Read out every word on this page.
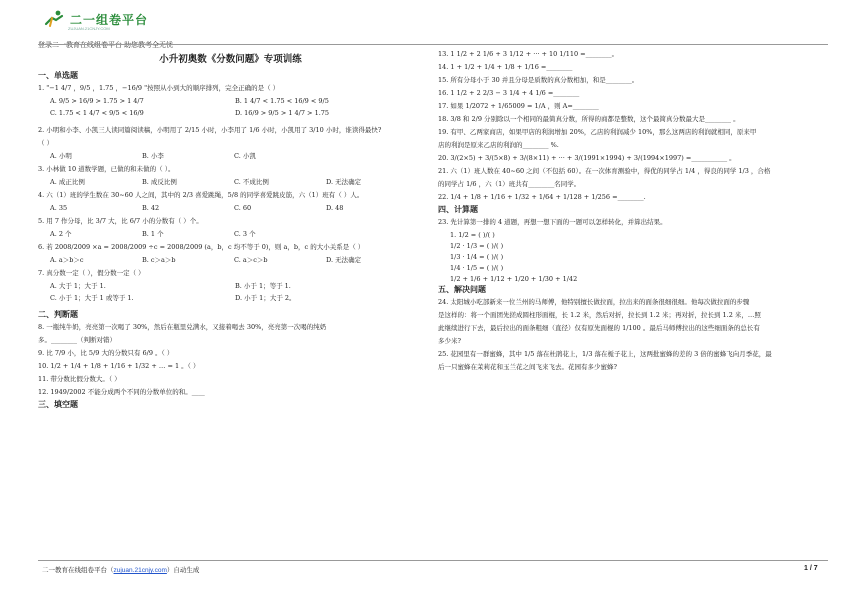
二一组卷平台
ZUJUAN.21CNJY.COM
登录二一教育在线组卷平台 助您教考全无忧
小升初奥数《分数问题》专项训练
一、单选题
1. "−1 4/7 ，9/5 ，1.75 ，−16/9 "按照从小到大的顺序排列，完全正确的是（ ）
A. 9/5 > 16/9 > 1.75 > 1 4/7	B. 1 4/7 < 1.75 < 16/9 < 9/5
C. 1.75 < 1 4/7 < 9/5 < 16/9	D. 16/9 > 9/5 > 1 4/7 > 1.75
2. 小明和小李、小凯三人读同篇阅读稿，小明用了 2/15 小时，小李用了 1/6 小时，小凯用了 3/10 小时，谁读得最快?
（ ）
A. 小明	B. 小李	C. 小凯
3. 小林做 10 道数学题，已做的和未做的（ ）。
A. 成正比例	B. 成反比例	C. 不成比例	D. 无法确定
4. 六（1）班的学生数在 30~60 人之间，其中的 2/3 喜爱跳绳，5/8 的同学喜爱跳皮筋，六（1）班有（ ）人。
A. 35	B. 42	C. 60	D. 48
5. 用 7 作分母，比 3/7 大，比 6/7 小的分数有（ ）个。
A. 2 个	B. 1 个	C. 3 个
6. 若 2008/2009 ×a = 2008/2009 ÷c = 2008/2009 (a，b，c 均不等于 0)，则 a，b，c 的大小关系是（ ）
A. a＞b＞c	B. c＞a＞b	C. a＞c＞b	D. 无法确定
7. 真分数一定（ ），假分数一定（ ）
A. 大于 1；大于 1.	B. 小于 1；等于 1.
C. 小于 1；大于 1 或等于 1.	D. 小于 1；大于 2。
二、判断题
8. 一瓶纯牛奶，亮亮第一次喝了 30%，然后在瓶里兑满水，又接着喝去 30%，亮亮第一次喝的纯奶
多。________（判断对错）
9. 比 7/9 小，比 5/9 大的分数只有 6/9 。（ ）
10. 1/2 + 1/4 + 1/8 + 1/16 + 1/32 + … = 1 。（ ）
11. 带分数比假分数大。（ ）
12. 1949/2002 不能分成两个不同的分数单位的和。____
三、填空题
13. 1 1/2 + 2 1/6 + 3 1/12 + ··· + 10 1/110 =________。
14. 1 + 1/2 + 1/4 + 1/8 + 1/16 =________
15. 所有分母小于 30 并且分母是质数的真分数相加，和是________。
16. 1 1/2 + 2 2/3 − 3 1/4 + 4 1/6 =________
17. 如果 1/2072 + 1/65009 = 1/A ，则 A=________
18. 3/8 和 2/9 分别除以一个相同的最简真分数，所得的商都是整数，这个最简真分数最大是________ 。
19. 有甲、乙两家商店，如果甲店的利润增加 20%，乙店的利润减少 10%，那么这两店的利润就相同，原来甲
店的利润是原来乙店的利润的________ %.
20. 3/(2×5) + 3/(5×8) + 3/(8×11) + ··· + 3/(1991×1994) + 3/(1994×1997) =___________ 。
21. 六（1）班人数在 40~60 之间（不包括 60）。在一次体育测验中，得优的同学占 1/4 ，得良的同学 1/3 ，合格
的同学占 1/6 ，六（1）班共有________名同学。
22. 1/4 + 1/8 + 1/16 + 1/32 + 1/64 + 1/128 + 1/256 =________.
四、计算题
23. 先计算第一排的 4 道题，再想一想下面的一题可以怎样转化，并算出结果。
1. 1/2 = ( )/( )
1/2 · 1/3 = ( )/( )
1/3 · 1/4 = ( )/( )
1/4 · 1/5 = ( )/( )
1/2 + 1/6 + 1/12 + 1/20 + 1/30 + 1/42
五、解决问题
24. 太阳城小吃部新来一位兰州的马师傅，他特别擅长做拉面，拉出来的面条很细很细。他每次做拉面的步骤
是这样的：将一个面团先搓成圆柱形面棍，长 1.2 米，然后对折，拉长到 1.2 米；再对折，拉长到 1.2 米，…照
此继续进行下去，最后拉出的面条粗细（直径）仅有原先面棍的 1/100 。最后马师傅拉出的这些细面条的总长有
多少米?
25. 花园里有一群蜜蜂，其中 1/5 落在杜鹃花上，1/3 落在栀子花上，这两批蜜蜂的差的 3 倍的蜜蜂飞向月季花，最
后一只蜜蜂在茉莉花和玉兰花之间飞来飞去。花园有多少蜜蜂?
二一教育在线组卷平台（zujuan.21cnjy.com）自动生成	1 / 7
